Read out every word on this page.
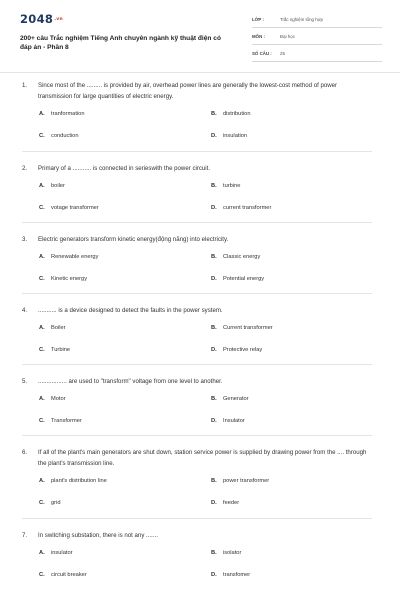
2048.vn
200+ câu Trắc nghiệm Tiếng Anh chuyên ngành kỹ thuật điện có đáp án - Phần 8
LỚP :	Trắc nghiệm tổng hợp
MÔN :	Đại học
SỐ CÂU : 25
1. Since most of the ......... is provided by air, overhead power lines are generally the lowest-cost method of power transmission for large quantities of electric energy.
A. tranformation	B. distribution
C. conduction	D. insulation
2. Primary of a ........... is connected in serieswith the power circuit.
A. boiler	B. turbine
C. votage transformer	D. current transformer
3. Electric generators transform kinetic energy(động năng) into electricity.
A. Renewable energy	B. Classic energy
C. Kinetic energy	D. Potential energy
4. ........... is a device designed to detect the faults in the power system.
A. Boiler	B. Current transformer
C. Turbine	D. Protective relay
5. ................. are used to "transform" voltage from one level to another.
A. Motor	B. Generator
C. Transformer	D. Insulator
6. If all of the plant's main generators are shut down, station service power is supplied by drawing power from the .... through the plant's transmission line.
A. plant's distribution line	B. power transformer
C. grid	D. feeder
7. In switching substation, there is not any .......
A. insulator	B. isolator
C. circuit breaker	D. transfomer
